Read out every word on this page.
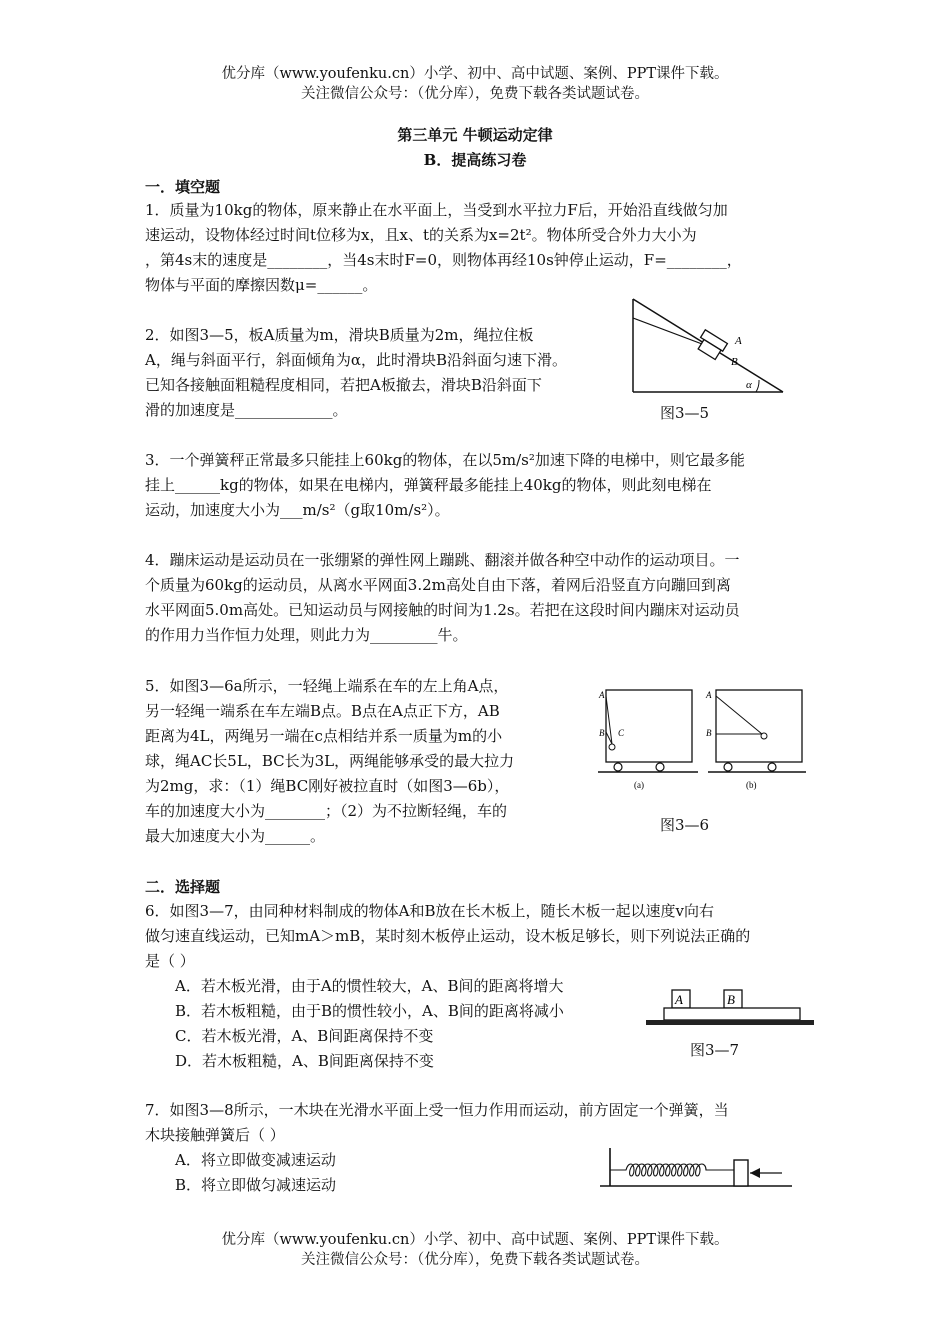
优分库（www.youfenku.cn）小学、初中、高中试题、案例、PPT课件下载。
关注微信公众号：（优分库），免费下载各类试题试卷。
第三单元 牛顿运动定律
B．提高练习卷
一．填空题
1．质量为10kg的物体，原来静止在水平面上，当受到水平拉力F后，开始沿直线做匀加
速运动，设物体经过时间t位移为x，且x、t的关系为x=2t²。物体所受合外力大小为
，第4s末的速度是________，当4s末时F=0，则物体再经10s钟停止运动，F=________，
物体与平面的摩擦因数μ=______。
2．如图3—5，板A质量为m，滑块B质量为2m，绳拉住板
A，绳与斜面平行，斜面倾角为α，此时滑块B沿斜面匀速下滑。
已知各接触面粗糙程度相同，若把A板撤去，滑块B沿斜面下
滑的加速度是_____________。
A
B
α
图3—5
3．一个弹簧秤正常最多只能挂上60kg的物体，在以5m/s²加速下降的电梯中，则它最多能
挂上______kg的物体，如果在电梯内，弹簧秤最多能挂上40kg的物体，则此刻电梯在
运动，加速度大小为___m/s²（g取10m/s²）。
4．蹦床运动是运动员在一张绷紧的弹性网上蹦跳、翻滚并做各种空中动作的运动项目。一
个质量为60kg的运动员，从离水平网面3.2m高处自由下落，着网后沿竖直方向蹦回到离
水平网面5.0m高处。已知运动员与网接触的时间为1.2s。若把在这段时间内蹦床对运动员
的作用力当作恒力处理，则此力为_________牛。
5．如图3—6a所示，一轻绳上端系在车的左上角A点，
另一轻绳一端系在车左端B点。B点在A点正下方，AB
距离为4L，两绳另一端在c点相结并系一质量为m的小
球，绳AC长5L，BC长为3L，两绳能够承受的最大拉力
为2mg，求：（1）绳BC刚好被拉直时（如图3—6b），
车的加速度大小为________；（2）为不拉断轻绳，车的
最大加速度大小为______。
A
B C
(a)
A
B
(b)
图3—6
二．选择题
6．如图3—7，由同种材料制成的物体A和B放在长木板上，随长木板一起以速度v向右
做匀速直线运动，已知mA＞mB，某时刻木板停止运动，设木板足够长，则下列说法正确的
是（ ）
A．若木板光滑，由于A的惯性较大，A、B间的距离将增大
B．若木板粗糙，由于B的惯性较小，A、B间的距离将减小
C．若木板光滑，A、B间距离保持不变
D．若木板粗糙，A、B间距离保持不变
A	B
图3—7
7．如图3—8所示，一木块在光滑水平面上受一恒力作用而运动，前方固定一个弹簧，当
木块接触弹簧后（ ）
A．将立即做变减速运动
B．将立即做匀减速运动
优分库（www.youfenku.cn）小学、初中、高中试题、案例、PPT课件下载。
关注微信公众号：（优分库），免费下载各类试题试卷。
